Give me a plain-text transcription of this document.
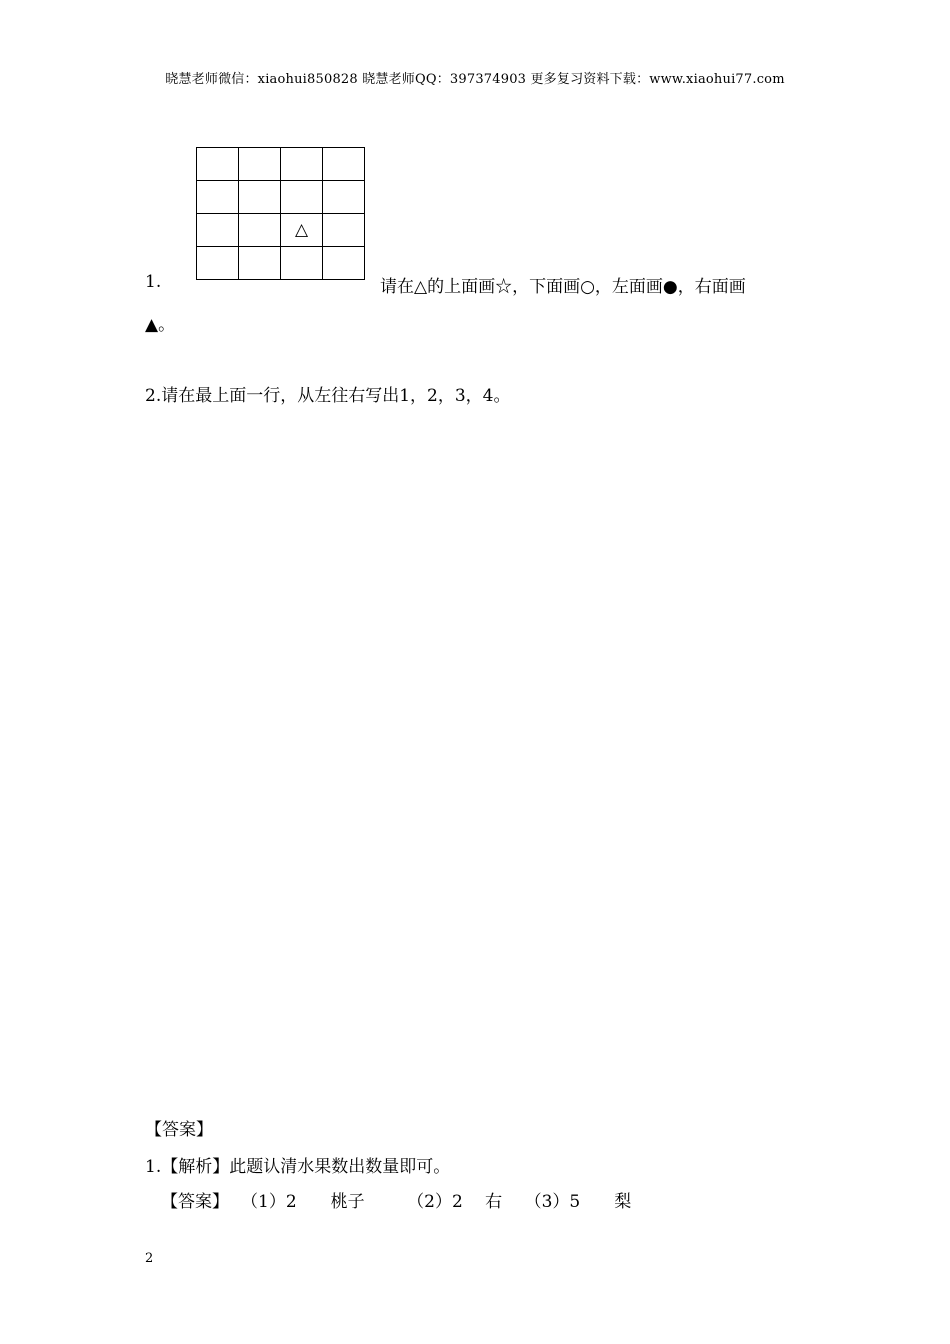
晓慧老师微信：xiaohui850828 晓慧老师QQ：397374903 更多复习资料下载：www.xiaohui77.com

		△	

1.	请在△的上面画☆，下面画○，左面画●，右面画
▲。
2.请在最上面一行，从左往右写出1，2，3，4。
【答案】
1.【解析】此题认清水果数出数量即可。
【答案】 （1）2　　桃子　　　（2）2　 右　 （3）5　　梨
2
